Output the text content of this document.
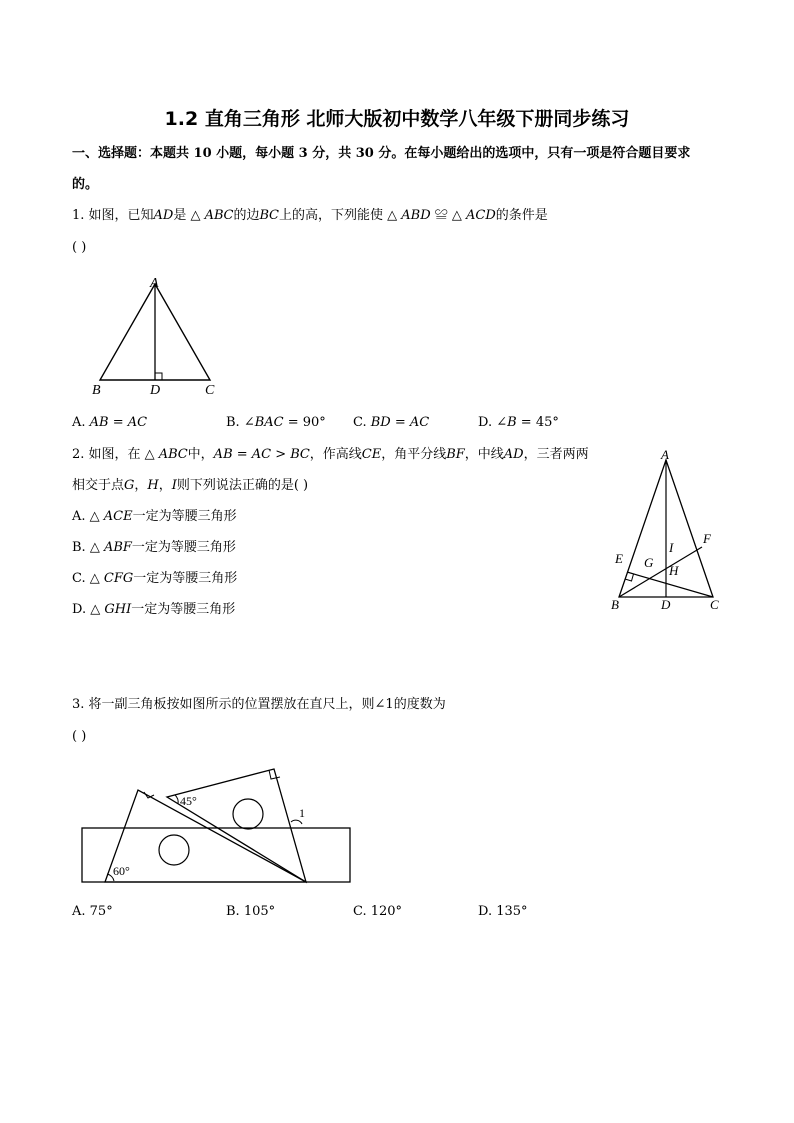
1.2 直角三角形 北师大版初中数学八年级下册同步练习

一、选择题：本题共 10 小题，每小题 3 分，共 30 分。在每小题给出的选项中，只有一项是符合题目要求

的。

1. 如图，已知𝐴𝐷是 △ 𝐴𝐵𝐶的边𝐵𝐶上的高，下列能使 △ 𝐴𝐵𝐷 ≌ △ 𝐴𝐶𝐷的条件是

( )

A
B	D	C

A. 𝐴𝐵 = 𝐴𝐶	B. ∠𝐵𝐴𝐶 = 90° C. 𝐵𝐷 = 𝐴𝐶	D. ∠𝐵 = 45°

2. 如图，在 △ 𝐴𝐵𝐶中，𝐴𝐵 = 𝐴𝐶 > 𝐵𝐶，作高线𝐶𝐸，角平分线𝐵𝐹，中线𝐴𝐷，三者两两

相交于点𝐺，𝐻，𝐼则下列说法正确的是( )

A. △ 𝐴𝐶𝐸一定为等腰三角形

B. △ 𝐴𝐵𝐹一定为等腰三角形

C. △ 𝐶𝐹𝐺一定为等腰三角形

D. △ 𝐺𝐻𝐼一定为等腰三角形

A
B	D	C
E
F
G
H
I

3. 将一副三角板按如图所示的位置摆放在直尺上，则∠1的度数为

( )

45°
60°
1

A. 75°	B. 105°	C. 120°	D. 135°
